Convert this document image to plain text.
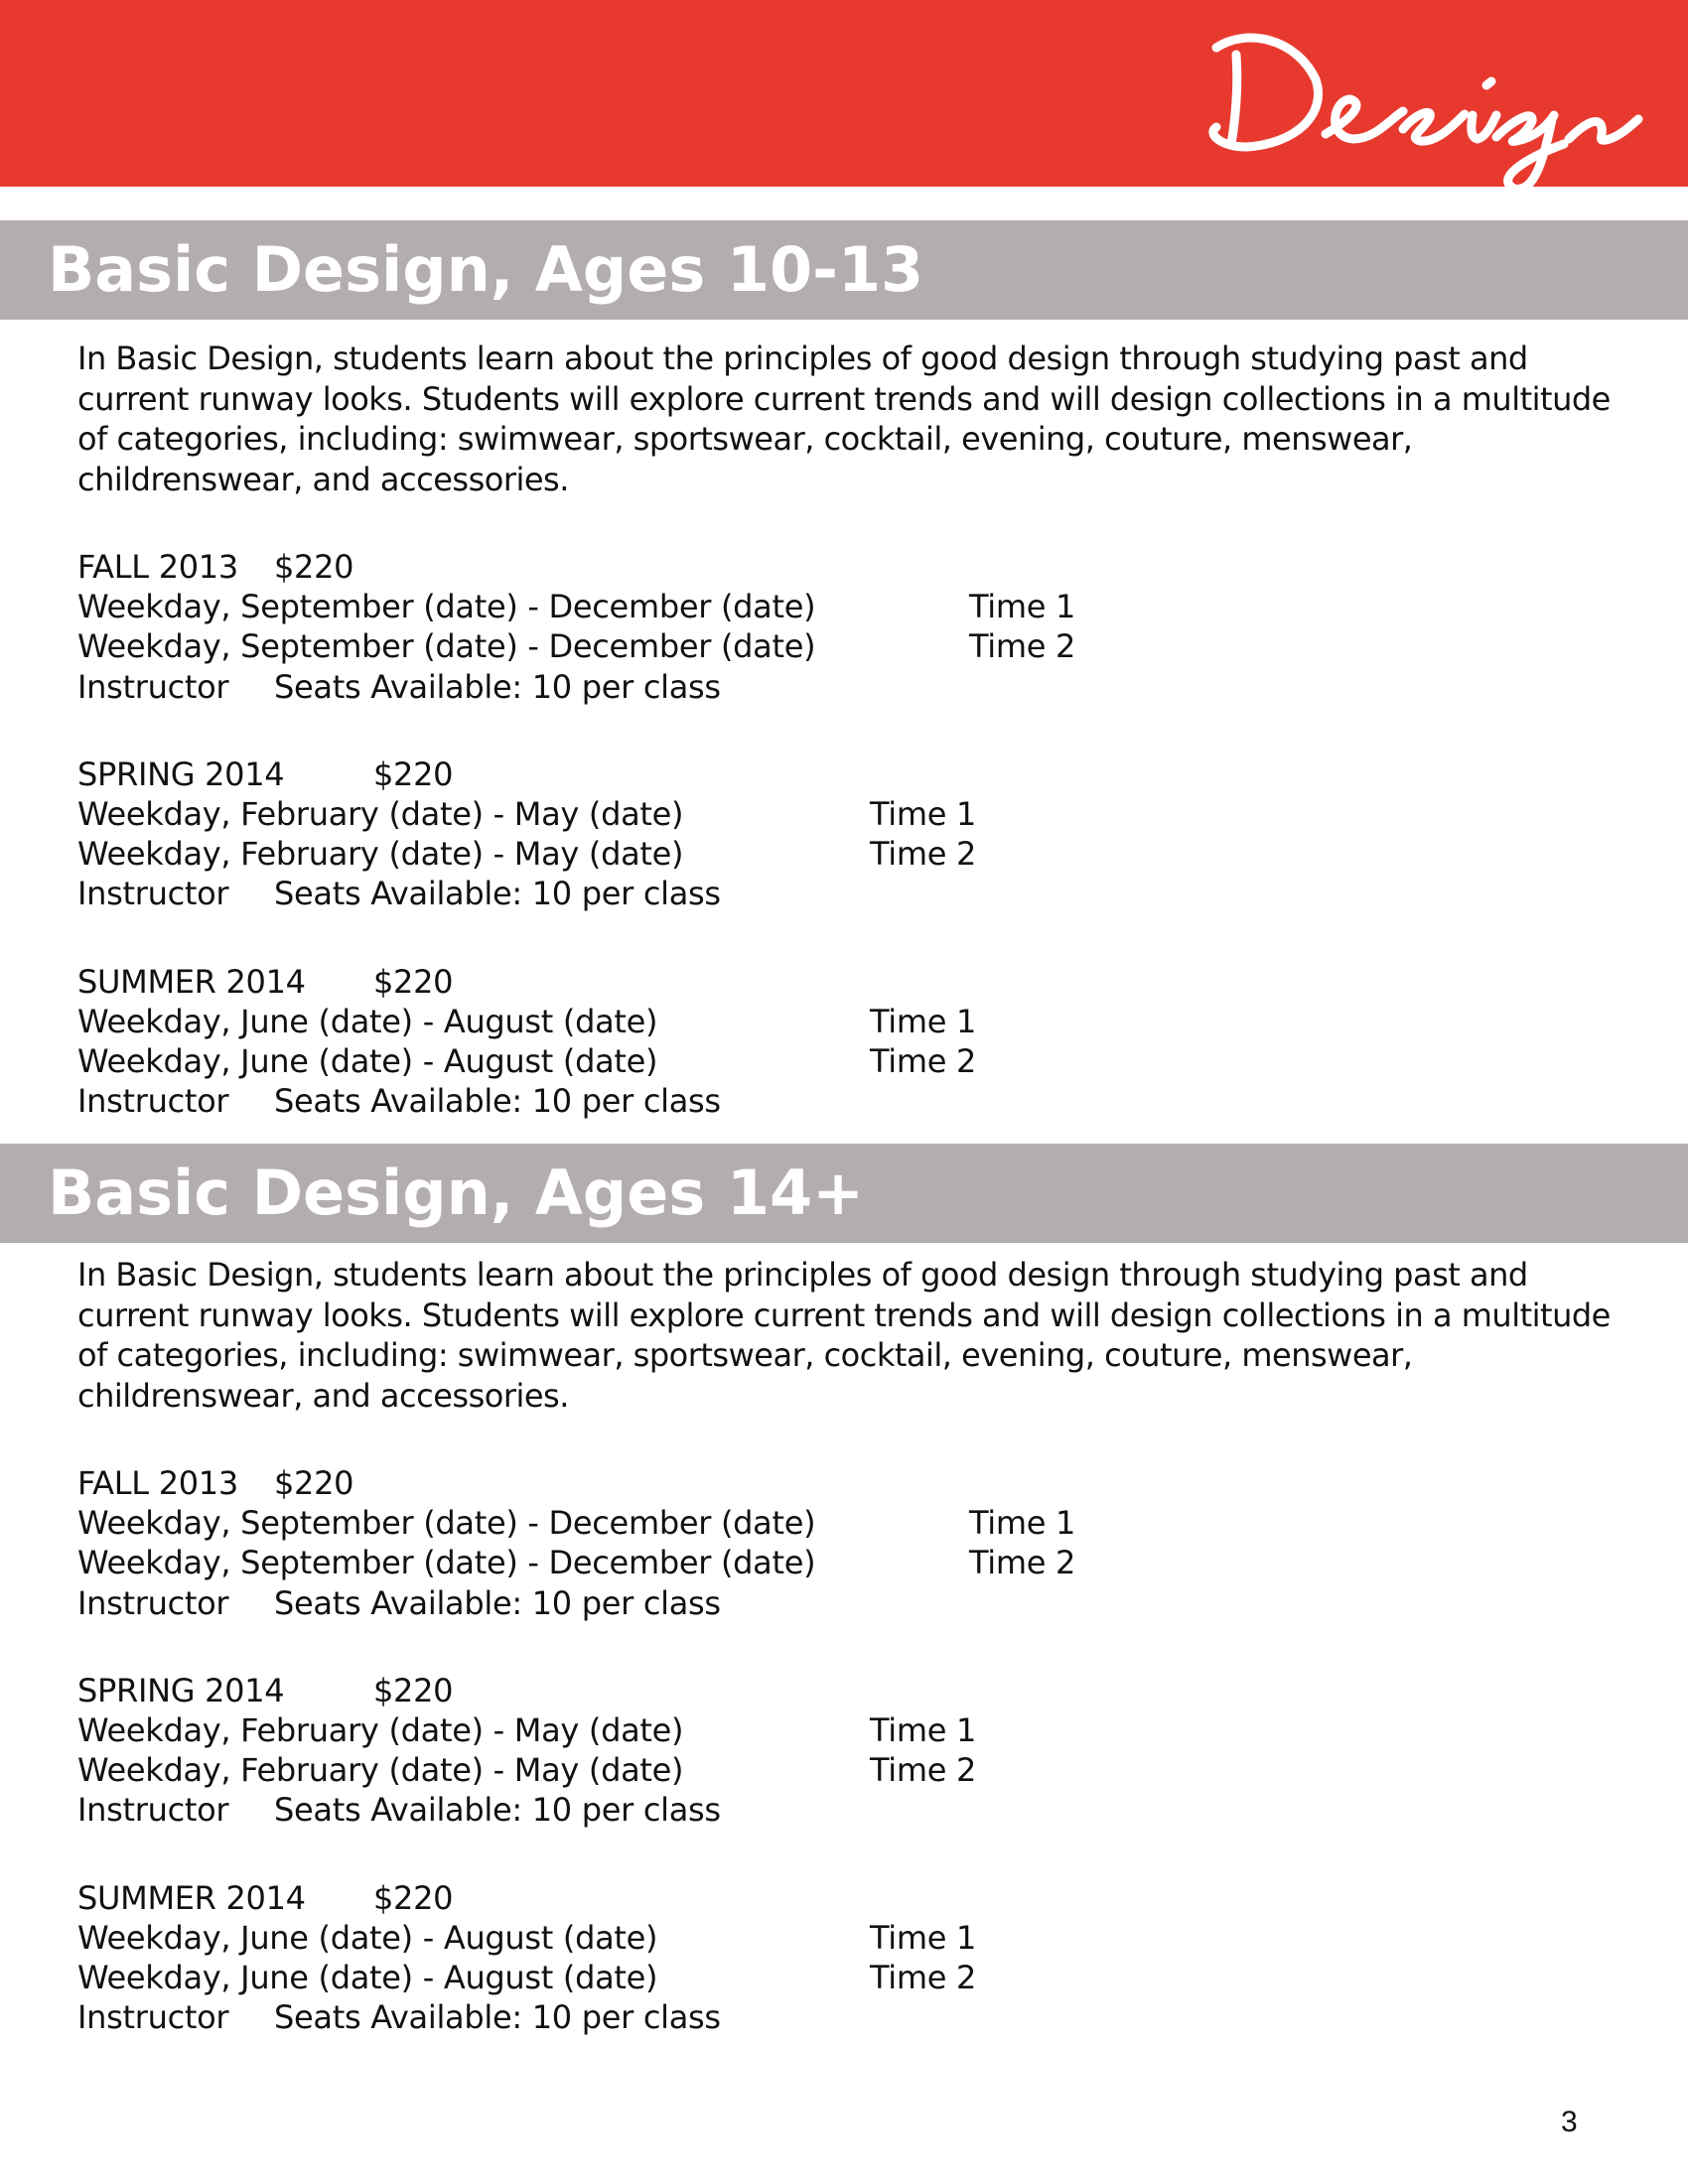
Basic Design, Ages 10-13

In Basic Design, students learn about the principles of good design through studying past and current runway looks. Students will explore current trends and will design collections in a multitude of categories, including: swimwear, sportswear, cocktail, evening, couture, menswear, childrenswear, and accessories.

FALL 2013 $220
Weekday, September (date) - December (date)	Time 1
Weekday, September (date) - December (date)	Time 2
Instructor Seats Available: 10 per class
SPRING 2014	$220
Weekday, February (date) - May (date)	Time 1
Weekday, February (date) - May (date)	Time 2
Instructor Seats Available: 10 per class
SUMMER 2014 $220
Weekday, June (date) - August (date)	Time 1
Weekday, June (date) - August (date)	Time 2
Instructor Seats Available: 10 per class
Basic Design, Ages 14+

In Basic Design, students learn about the principles of good design through studying past and current runway looks. Students will explore current trends and will design collections in a multitude of categories, including: swimwear, sportswear, cocktail, evening, couture, menswear, childrenswear, and accessories.

FALL 2013 $220
Weekday, September (date) - December (date)	Time 1
Weekday, September (date) - December (date)	Time 2
Instructor Seats Available: 10 per class
SPRING 2014	$220
Weekday, February (date) - May (date)	Time 1
Weekday, February (date) - May (date)	Time 2
Instructor Seats Available: 10 per class
SUMMER 2014 $220
Weekday, June (date) - August (date)	Time 1
Weekday, June (date) - August (date)	Time 2
Instructor Seats Available: 10 per class
3
